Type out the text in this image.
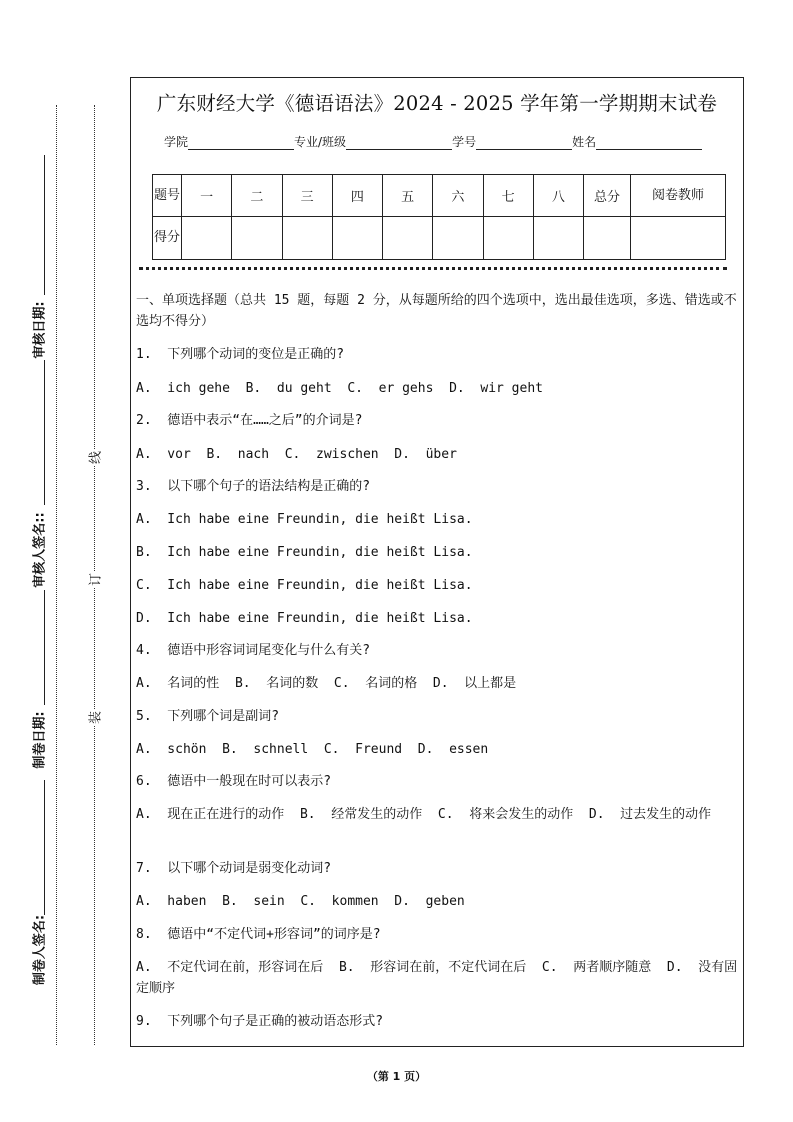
审核日期:
审核人签名::
制卷日期:
制卷人签名:
线
订
装
广东财经大学《德语语法》2024 - 2025 学年第一学期期末试卷
学院	专业/班级	学号	姓名
题号	一	二	三	四	五	六	七	八	总分	阅卷教师
得分										
一、单项选择题（总共 15 题，每题 2 分，从每题所给的四个选项中，选出最佳选项，多选、错选或不选均不得分）
1.  下列哪个动词的变位是正确的?
A.  ich gehe  B.  du geht  C.  er gehs  D.  wir geht
2.  德语中表示“在……之后”的介词是?
A.  vor  B.  nach  C.  zwischen  D.  über
3.  以下哪个句子的语法结构是正确的?
A.  Ich habe eine Freundin, die heißt Lisa.
B.  Ich habe eine Freundin, die heißt Lisa.
C.  Ich habe eine Freundin, die heißt Lisa.
D.  Ich habe eine Freundin, die heißt Lisa.
4.  德语中形容词词尾变化与什么有关?
A.  名词的性  B.  名词的数  C.  名词的格  D.  以上都是
5.  下列哪个词是副词?
A.  schön  B.  schnell  C.  Freund  D.  essen
6.  德语中一般现在时可以表示?
A.  现在正在进行的动作  B.  经常发生的动作  C.  将来会发生的动作  D.  过去发生的动作
7.  以下哪个动词是弱变化动词?
A.  haben  B.  sein  C.  kommen  D.  geben
8.  德语中“不定代词+形容词”的词序是?
A.  不定代词在前，形容词在后  B.  形容词在前，不定代词在后  C.  两者顺序随意  D.  没有固定顺序
9.  下列哪个句子是正确的被动语态形式?
（第 1 页）
